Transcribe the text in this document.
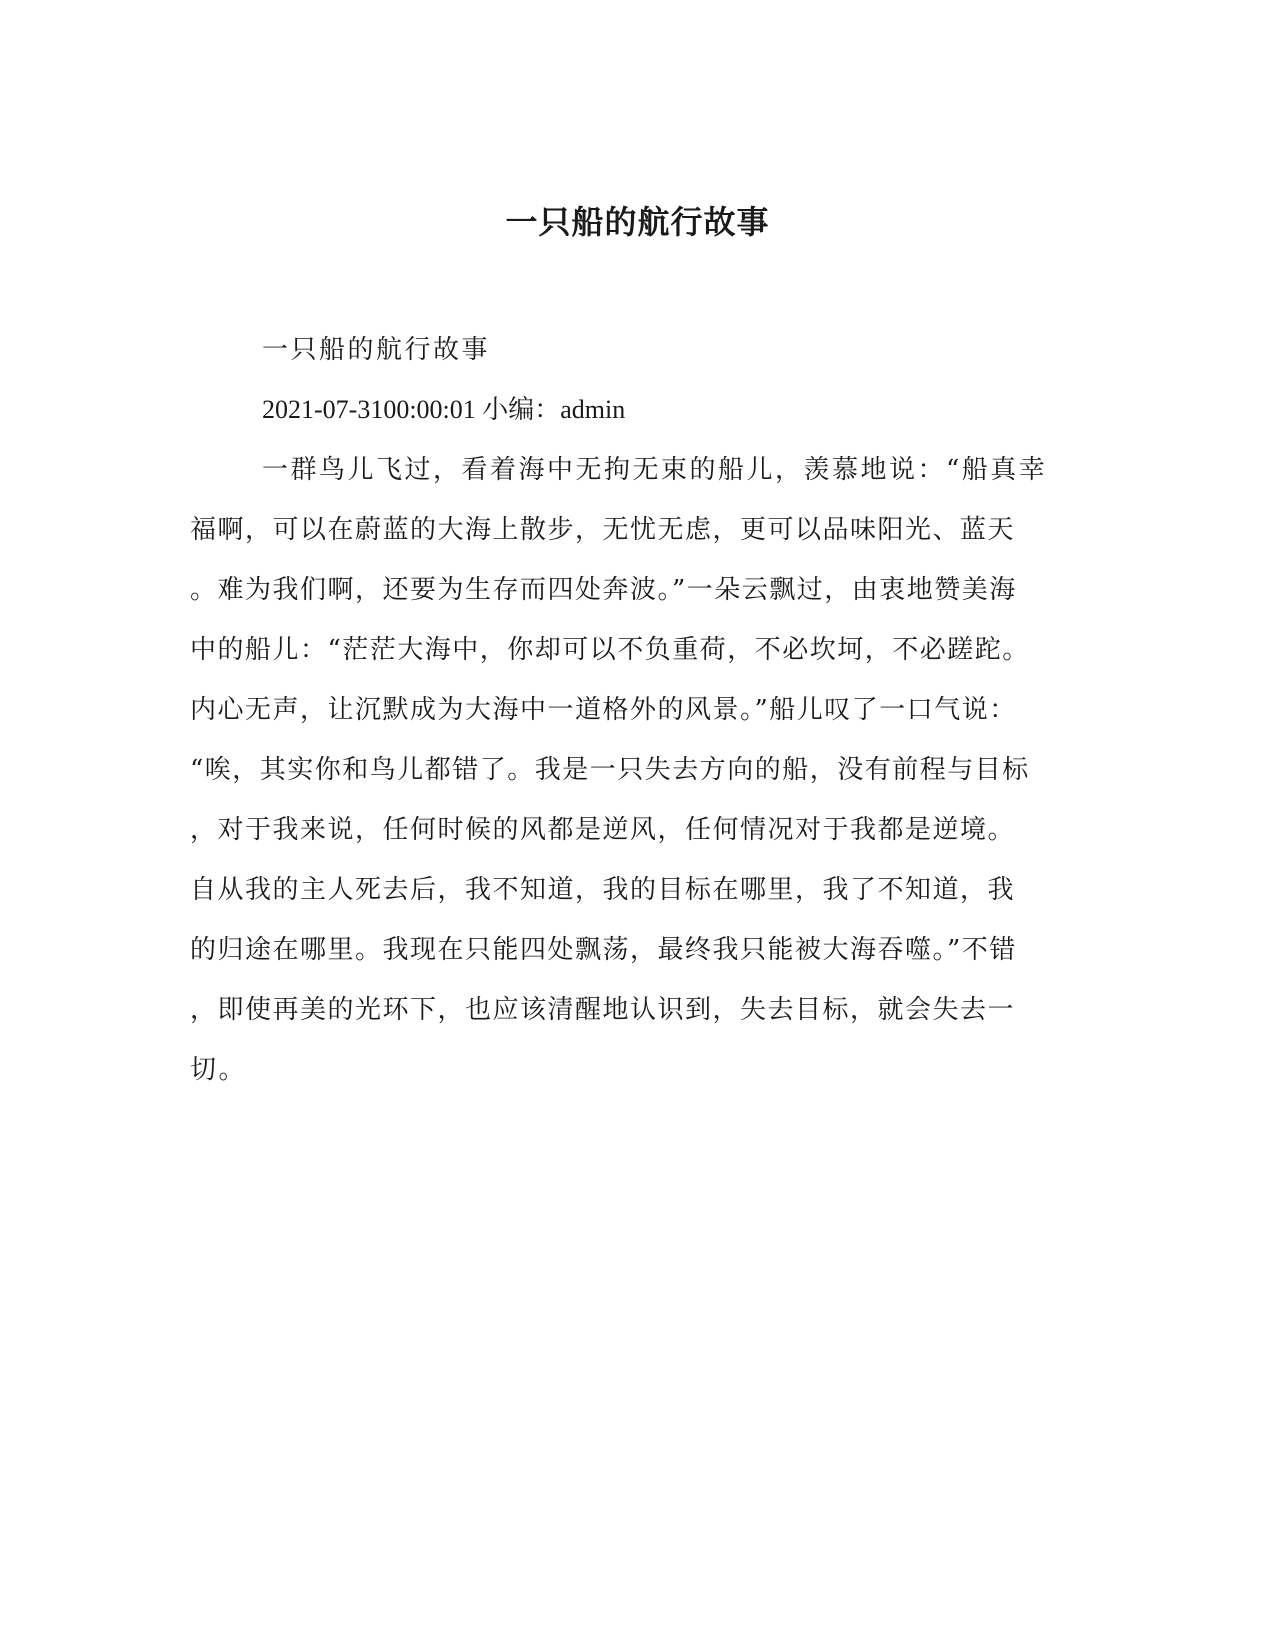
一只船的航行故事
一只船的航行故事
2021-07-3100:00:01 小编：admin
一群鸟儿飞过，看着海中无拘无束的船儿，羡慕地说：“船真幸
福啊，可以在蔚蓝的大海上散步，无忧无虑，更可以品味阳光、蓝天
。难为我们啊，还要为生存而四处奔波。”一朵云飘过，由衷地赞美海
中的船儿：“茫茫大海中，你却可以不负重荷，不必坎坷，不必蹉跎。
内心无声，让沉默成为大海中一道格外的风景。”船儿叹了一口气说：
“唉，其实你和鸟儿都错了。我是一只失去方向的船，没有前程与目标
，对于我来说，任何时候的风都是逆风，任何情况对于我都是逆境。
自从我的主人死去后，我不知道，我的目标在哪里，我了不知道，我
的归途在哪里。我现在只能四处飘荡，最终我只能被大海吞噬。”不错
，即使再美的光环下，也应该清醒地认识到，失去目标，就会失去一
切。
